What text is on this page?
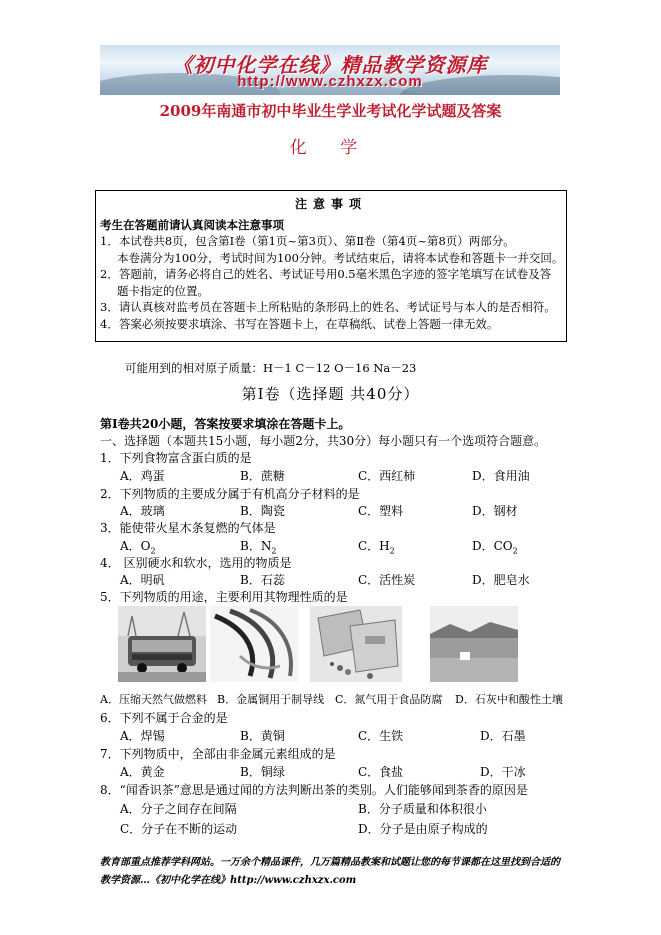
《初中化学在线》精品教学资源库
http://www.czhxzx.com
2009年南通市初中毕业生学业考试化学试题及答案
化 学
注意事项
考生在答题前请认真阅读本注意事项
1．本试卷共8页，包含第Ⅰ卷（第1页~第3页）、第Ⅱ卷（第4页~第8页）两部分。
本卷满分为100分，考试时间为100分钟。考试结束后，请将本试卷和答题卡一并交回。
2．答题前，请务必将自己的姓名、考试证号用0.5毫米黑色字迹的签字笔填写在试卷及答
题卡指定的位置。
3．请认真核对监考员在答题卡上所粘贴的条形码上的姓名、考试证号与本人的是否相符。
4．答案必须按要求填涂、书写在答题卡上，在草稿纸、试卷上答题一律无效。
可能用到的相对原子质量：H－1 C－12 O－16 Na－23
第Ⅰ卷（选择题 共40分）
第Ⅰ卷共20小题，答案按要求填涂在答题卡上。
一、选择题（本题共15小题，每小题2分，共30分）每小题只有一个选项符合题意。
1．下列食物富含蛋白质的是
A．鸡蛋	B．蔗糖	C．西红柿	D．食用油
2．下列物质的主要成分属于有机高分子材料的是
A．玻璃	B．陶瓷	C．塑料	D．钢材
3．能使带火星木条复燃的气体是
A．$O_2$	B．$N_2$	C．$H_2$	D．$CO_2$
4． 区别硬水和软水，选用的物质是
A．明矾	B．石蕊	C．活性炭	D．肥皂水
5．下列物质的用途，主要利用其物理性质的是
A．压缩天然气做燃料 B．金属铜用于制导线 C．氮气用于食品防腐 D．石灰中和酸性土壤
6．下列不属于合金的是
A．焊锡	B．黄铜	C．生铁	D．石墨
7．下列物质中，全部由非金属元素组成的是
A．黄金	B．铜绿	C．食盐	D．干冰
8．“闻香识茶”意思是通过闻的方法判断出茶的类别。人们能够闻到茶香的原因是
A．分子之间存在间隔	B．分子质量和体积很小
C．分子在不断的运动	D．分子是由原子构成的
教育部重点推荐学科网站。一万余个精品课件，几万篇精品教案和试题让您的每节课都在这里找到合适的
教学资源…《初中化学在线》http://www.czhxzx.com
